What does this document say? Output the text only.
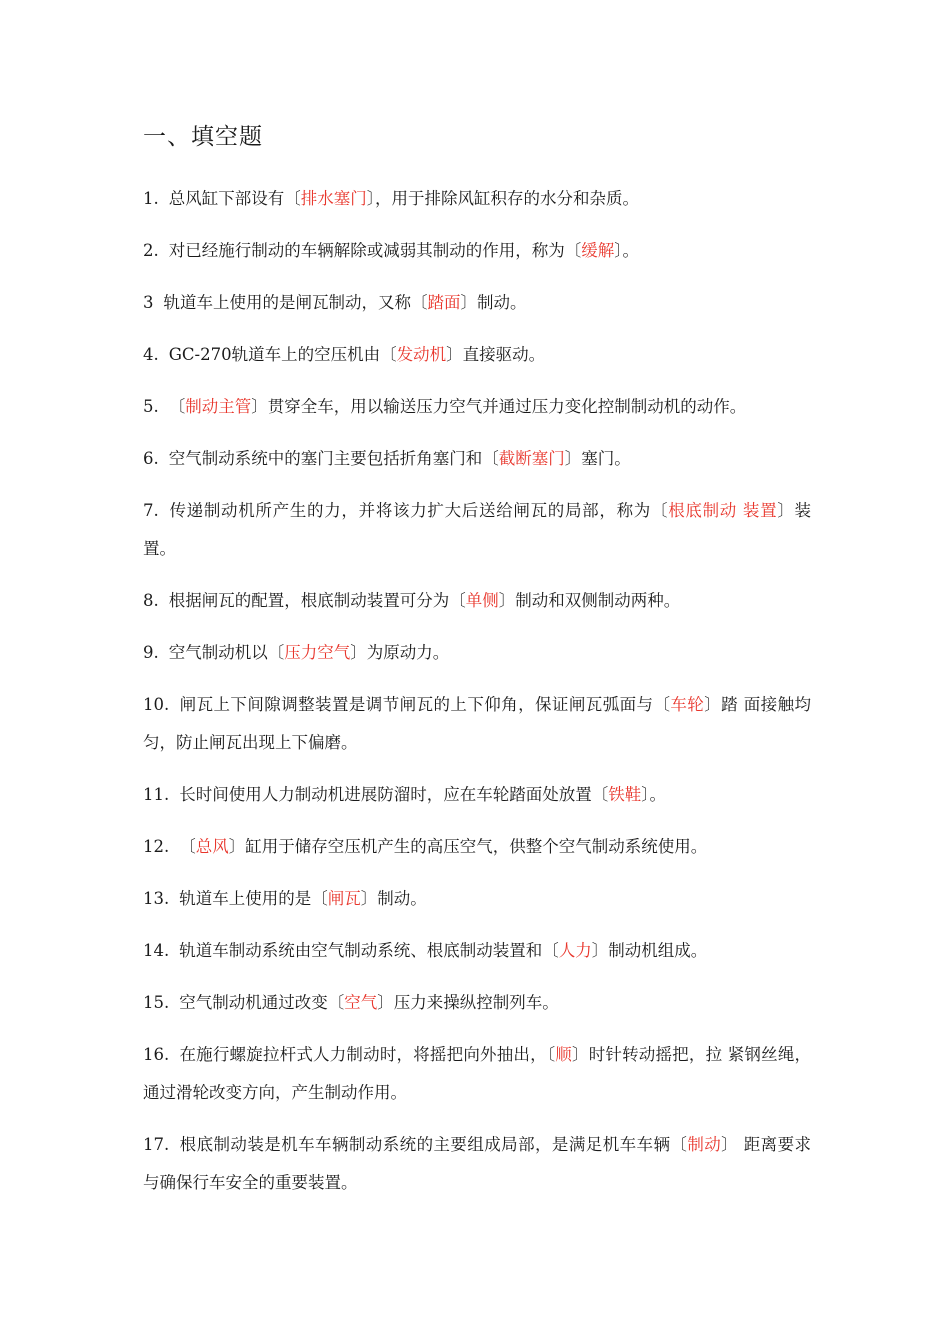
一、填空题
1. 总风缸下部设有〔排水塞门〕，用于排除风缸积存的水分和杂质。
2. 对已经施行制动的车辆解除或减弱其制动的作用，称为〔缓解〕。
3 轨道车上使用的是闸瓦制动，又称〔踏面〕制动。
4. GC-270轨道车上的空压机由〔发动机〕直接驱动。
5. 〔制动主管〕贯穿全车，用以输送压力空气并通过压力变化控制制动机的动作。
6. 空气制动系统中的塞门主要包括折角塞门和〔截断塞门〕塞门。
7. 传递制动机所产生的力，并将该力扩大后送给闸瓦的局部，称为〔根底制动 装置〕装置。
8. 根据闸瓦的配置，根底制动装置可分为〔单侧〕制动和双侧制动两种。
9. 空气制动机以〔压力空气〕为原动力。
10. 闸瓦上下间隙调整装置是调节闸瓦的上下仰角，保证闸瓦弧面与〔车轮〕踏 面接触均匀，防止闸瓦出现上下偏磨。
11. 长时间使用人力制动机进展防溜时，应在车轮踏面处放置〔铁鞋〕。
12. 〔总风〕缸用于储存空压机产生的高压空气，供整个空气制动系统使用。
13. 轨道车上使用的是〔闸瓦〕制动。
14. 轨道车制动系统由空气制动系统、根底制动装置和〔人力〕制动机组成。
15. 空气制动机通过改变〔空气〕压力来操纵控制列车。
16. 在施行螺旋拉杆式人力制动时，将摇把向外抽出，〔顺〕时针转动摇把，拉 紧钢丝绳，通过滑轮改变方向，产生制动作用。
17. 根底制动装是机车车辆制动系统的主要组成局部，是满足机车车辆〔制动〕 距离要求与确保行车安全的重要装置。
